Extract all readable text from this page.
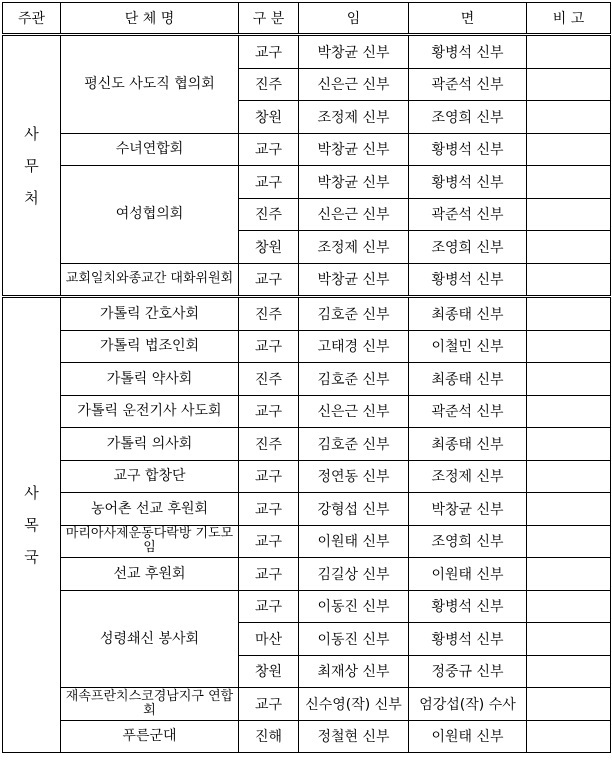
주관	단 체 명	구 분	임	면	비 고

사
무
처	평신도 사도직 협의회	교구	박창균 신부	황병석 신부	
		진주	신은근 신부	곽준석 신부	
		창원	조정제 신부	조영희 신부	
	수녀연합회	교구	박창균 신부	황병석 신부	
	여성협의회	교구	박창균 신부	황병석 신부	
		진주	신은근 신부	곽준석 신부	
		창원	조정제 신부	조영희 신부	
	교회일치와종교간 대화위원회	교구	박창균 신부	황병석 신부	

사
목
국	가톨릭 간호사회	진주	김호준 신부	최종태 신부	
	가톨릭 법조인회	교구	고태경 신부	이철민 신부	
	가톨릭 약사회	진주	김호준 신부	최종태 신부	
	가톨릭 운전기사 사도회	교구	신은근 신부	곽준석 신부	
	가톨릭 의사회	진주	김호준 신부	최종태 신부	
	교구 합창단	교구	정연동 신부	조정제 신부	
	농어촌 선교 후원회	교구	강형섭 신부	박창균 신부	
	마리아사제운동다락방 기도모임	교구	이원태 신부	조영희 신부	
	선교 후원회	교구	김길상 신부	이원태 신부	
	성령쇄신 봉사회	교구	이동진 신부	황병석 신부	
		마산	이동진 신부	황병석 신부	
		창원	최재상 신부	정중규 신부	
	재속프란치스코경남지구 연합회	교구	신수영(작) 신부	엄강섭(작) 수사	
	푸른군대	진해	정철현 신부	이원태 신부	
